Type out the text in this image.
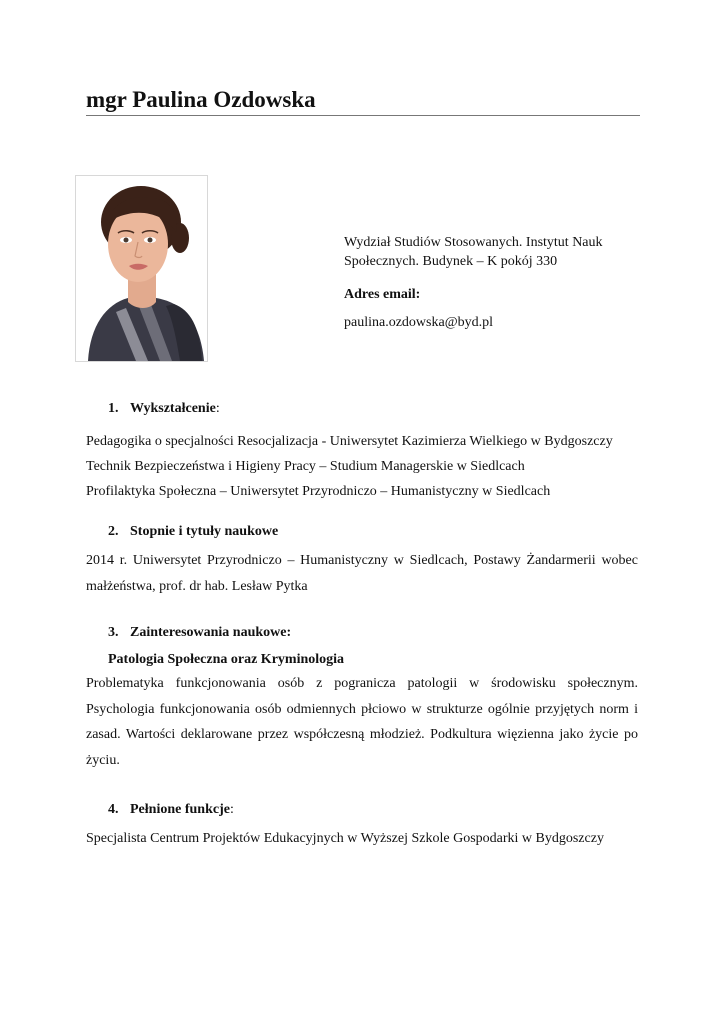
mgr Paulina Ozdowska

Wydział Studiów Stosowanych. Instytut Nauk Społecznych. Budynek – K pokój 330

Adres email:

paulina.ozdowska@byd.pl

1. Wykształcenie:

Pedagogika o specjalności Resocjalizacja - Uniwersytet Kazimierza Wielkiego w Bydgoszczy

Technik Bezpieczeństwa i Higieny Pracy – Studium Managerskie w Siedlcach

Profilaktyka Społeczna – Uniwersytet Przyrodniczo – Humanistyczny w Siedlcach

2. Stopnie i tytuły naukowe

2014 r. Uniwersytet Przyrodniczo – Humanistyczny w Siedlcach, Postawy Żandarmerii wobec małżeństwa, prof. dr hab. Lesław Pytka

3. Zainteresowania naukowe:

Patologia Społeczna oraz Kryminologia

Problematyka funkcjonowania osób z pogranicza patologii w środowisku społecznym. Psychologia funkcjonowania osób odmiennych płciowo w strukturze ogólnie przyjętych norm i zasad. Wartości deklarowane przez współczesną młodzież. Podkultura więzienna jako życie po życiu.

4. Pełnione funkcje:

Specjalista Centrum Projektów Edukacyjnych w Wyższej Szkole Gospodarki w Bydgoszczy
